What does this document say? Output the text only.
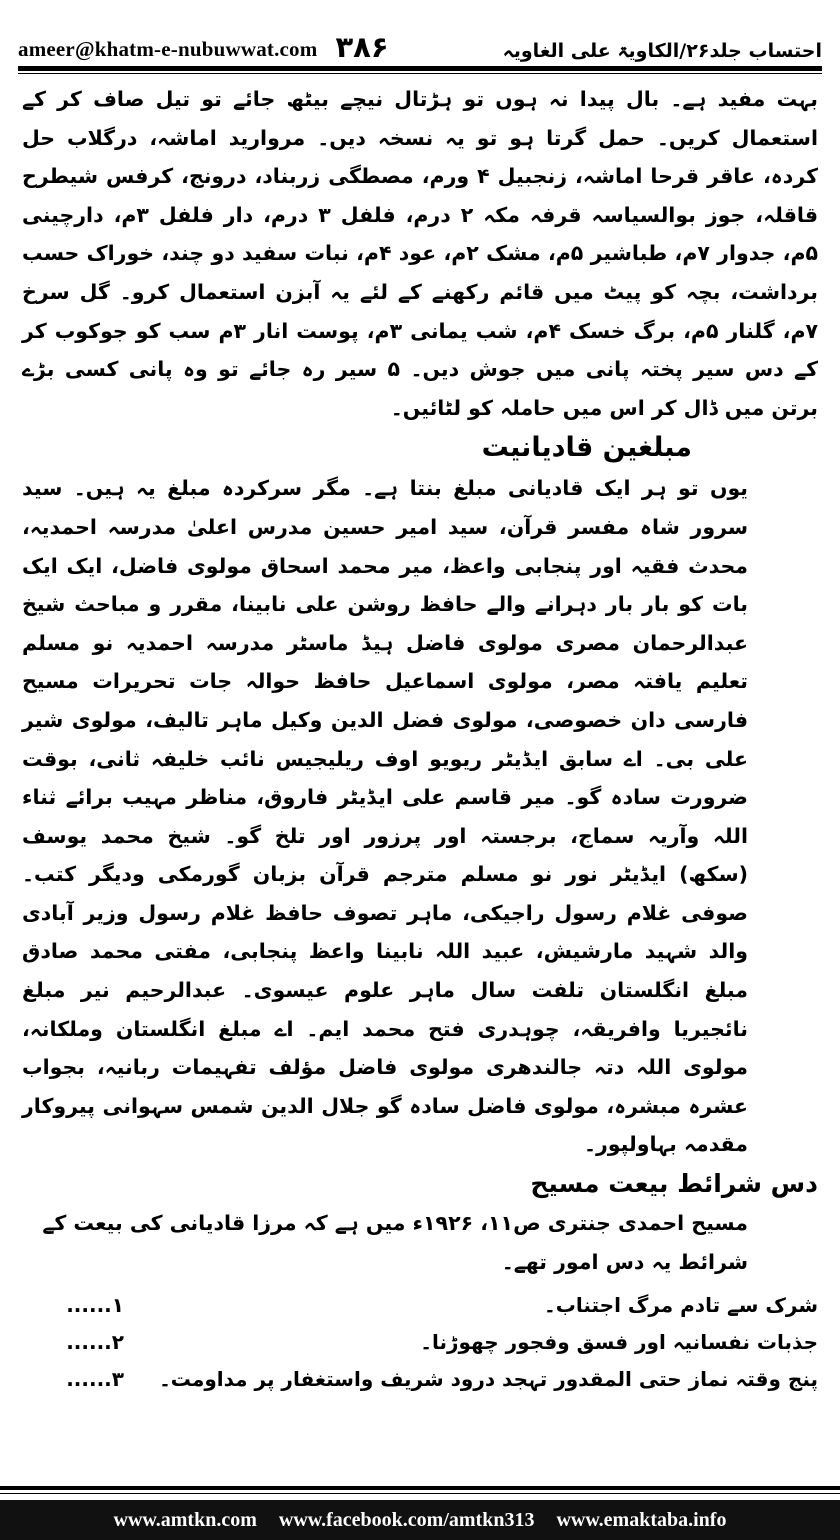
ameer@khatm-e-nubuwwat.com ۳۸۶	احتساب جلد۲۶/الکاویۃ علی الغاویہ

بہت مفید ہے۔ بال پیدا نہ ہوں تو ہڑتال نیچے بیٹھ جائے تو تیل صاف کر کے استعمال کریں۔ حمل گرتا ہو تو یہ نسخہ دیں۔ مروارید اماشہ، درگلاب حل کردہ، عاقر قرحا اماشہ، زنجبیل ۴ ورم، مصطگی زربناد، درونج، کرفس شیطرح قاقلہ، جوز بوالسیاسہ قرفہ مکہ ۲ درم، فلفل ۳ درم، دار فلفل ۳م، دارچینی ۵م، جدوار ۷م، طباشیر ۵م، مشک ۲م، عود ۴م، نبات سفید دو چند، خوراک حسب برداشت، بچہ کو پیٹ میں قائم رکھنے کے لئے یہ آبزن استعمال کرو۔ گل سرخ ۷م، گلنار ۵م، برگ خسک ۴م، شب یمانی ۳م، پوست انار ۳م سب کو جوکوب کر کے دس سیر پختہ پانی میں جوش دیں۔ ۵ سیر رہ جائے تو وہ پانی کسی بڑے برتن میں ڈال کر اس میں حاملہ کو لٹائیں۔

مبلغین قادیانیت

یوں تو ہر ایک قادیانی مبلغ بنتا ہے۔ مگر سرکردہ مبلغ یہ ہیں۔ سید سرور شاہ مفسر قرآن، سید امیر حسین مدرس اعلیٰ مدرسہ احمدیہ، محدث فقیہ اور پنجابی واعظ، میر محمد اسحاق مولوی فاضل، ایک ایک بات کو بار بار دہرانے والے حافظ روشن علی نابینا، مقرر و مباحث شیخ عبدالرحمان مصری مولوی فاضل ہیڈ ماسٹر مدرسہ احمدیہ نو مسلم تعلیم یافتہ مصر، مولوی اسماعیل حافظ حوالہ جات تحریرات مسیح فارسی دان خصوصی، مولوی فضل الدین وکیل ماہر تالیف، مولوی شیر علی بی۔ اے سابق ایڈیٹر ریویو اوف ریلیجیس نائب خلیفہ ثانی، بوقت ضرورت سادہ گو۔ میر قاسم علی ایڈیٹر فاروق، مناظر مہیب برائے ثناء اللہ وآریہ سماج، برجستہ اور پرزور اور تلخ گو۔ شیخ محمد یوسف (سکھ) ایڈیٹر نور نو مسلم مترجم قرآن بزبان گورمکی ودیگر کتب۔ صوفی غلام رسول راجیکی، ماہر تصوف حافظ غلام رسول وزیر آبادی والد شہید مارشیش، عبید اللہ نابینا واعظ پنجابی، مفتی محمد صادق مبلغ انگلستان تلفت سال ماہر علوم عیسوی۔ عبدالرحیم نیر مبلغ نائجیریا وافریقہ، چوہدری فتح محمد ایم۔ اے مبلغ انگلستان وملکانہ، مولوی اللہ دتہ جالندھری مولوی فاضل مؤلف تفہیمات ربانیہ، بجواب عشرہ مبشرہ، مولوی فاضل سادہ گو جلال الدین شمس سہوانی پیروکار مقدمہ بہاولپور۔

دس شرائط بیعت مسیح

مسیح احمدی جنتری ص۱۱، ۱۹۲۶ء میں ہے کہ مرزا قادیانی کی بیعت کے شرائط یہ دس امور تھے۔

شرک سے تادم مرگ اجتناب۔
۱......
جذبات نفسانیہ اور فسق وفجور چھوڑنا۔
۲......
پنج وقتہ نماز حتی المقدور تہجد درود شریف واستغفار پر مداومت۔
۳......
www.amtkn.com www.facebook.com/amtkn313 www.emaktaba.info
